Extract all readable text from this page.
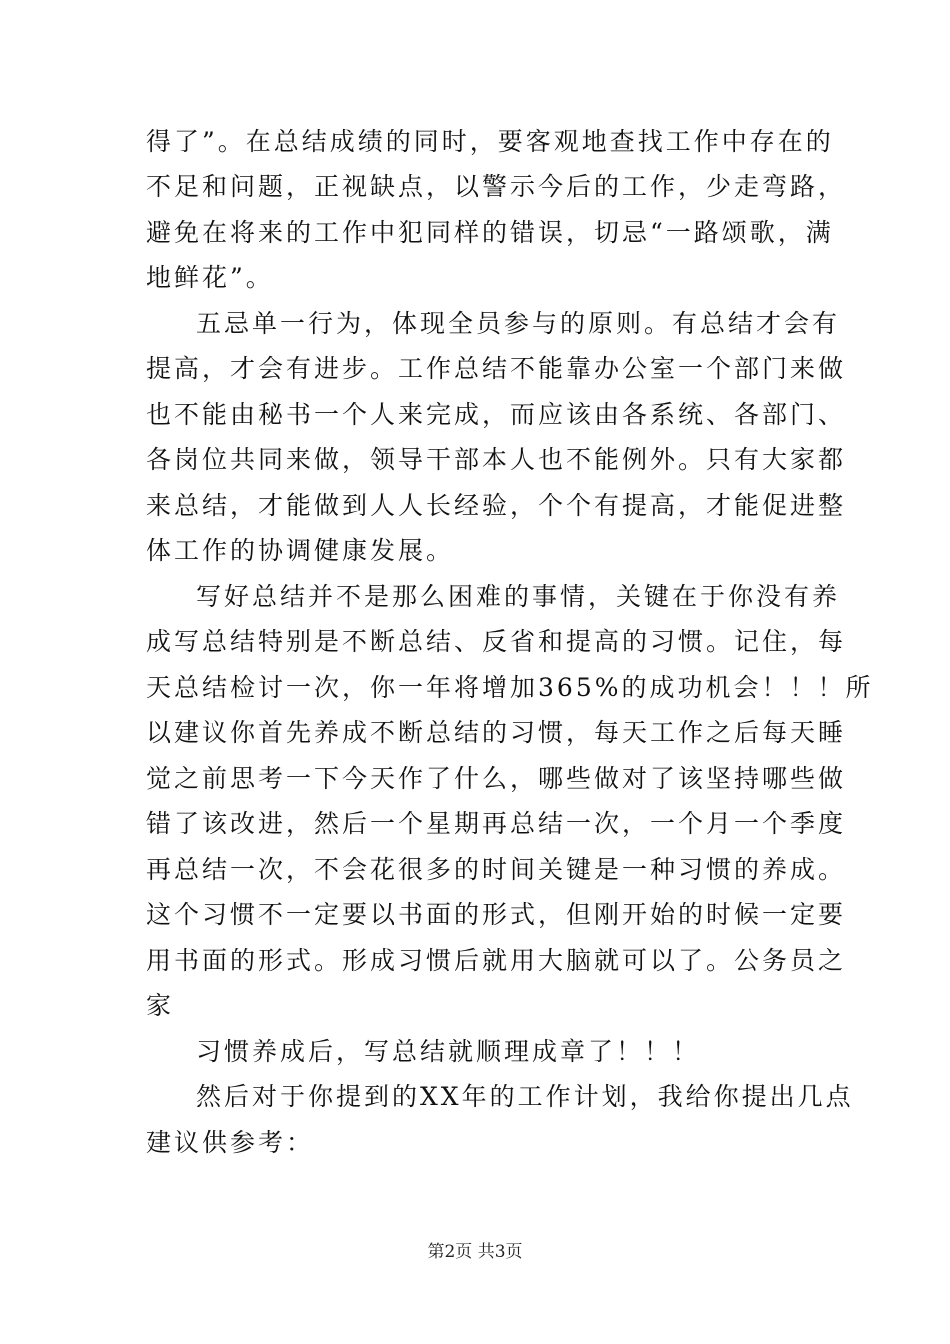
得了”。在总结成绩的同时，要客观地查找工作中存在的
不足和问题，正视缺点，以警示今后的工作，少走弯路，
避免在将来的工作中犯同样的错误，切忌“一路颂歌，满
地鲜花”。
五忌单一行为，体现全员参与的原则。有总结才会有
提高，才会有进步。工作总结不能靠办公室一个部门来做
也不能由秘书一个人来完成，而应该由各系统、各部门、
各岗位共同来做，领导干部本人也不能例外。只有大家都
来总结，才能做到人人长经验，个个有提高，才能促进整
体工作的协调健康发展。
写好总结并不是那么困难的事情，关键在于你没有养
成写总结特别是不断总结、反省和提高的习惯。记住，每
天总结检讨一次，你一年将增加365%的成功机会！！！所
以建议你首先养成不断总结的习惯，每天工作之后每天睡
觉之前思考一下今天作了什么，哪些做对了该坚持哪些做
错了该改进，然后一个星期再总结一次，一个月一个季度
再总结一次，不会花很多的时间关键是一种习惯的养成。
这个习惯不一定要以书面的形式，但刚开始的时候一定要
用书面的形式。形成习惯后就用大脑就可以了。公务员之
家
习惯养成后，写总结就顺理成章了！！！
然后对于你提到的XX年的工作计划，我给你提出几点
建议供参考：
第2页 共3页
